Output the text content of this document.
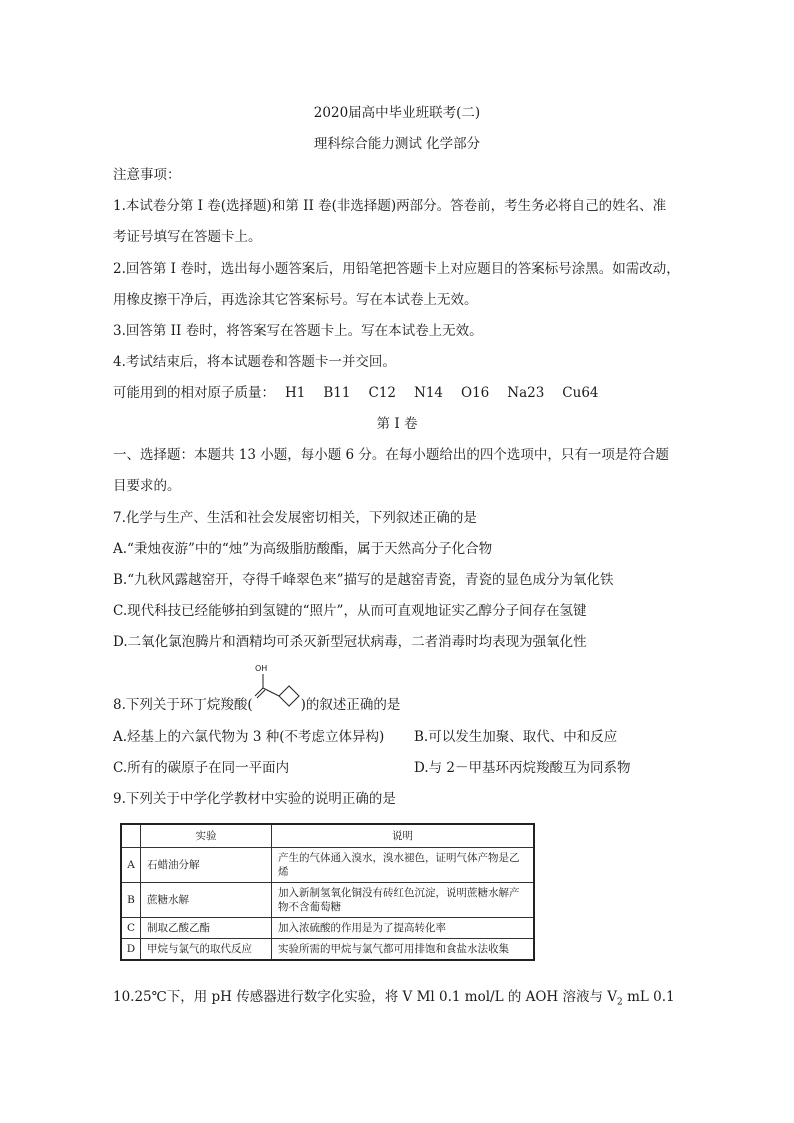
2020届高中毕业班联考(二)
理科综合能力测试 化学部分
注意事项：
1.本试卷分第 I 卷(选择题)和第 II 卷(非选择题)两部分。答卷前，考生务必将自己的姓名、准
考证号填写在答题卡上。
2.回答第 I 卷时，选出每小题答案后，用铅笔把答题卡上对应题目的答案标号涂黑。如需改动，
用橡皮擦干净后，再选涂其它答案标号。写在本试卷上无效。
3.回答第 II 卷时，将答案写在答题卡上。写在本试卷上无效。
4.考试结束后，将本试题卷和答题卡一并交回。
可能用到的相对原子质量： H1 B11 C12 N14 O16 Na23 Cu64
第 I 卷
一、选择题：本题共 13 小题，每小题 6 分。在每小题给出的四个选项中，只有一项是符合题
目要求的。
7.化学与生产、生活和社会发展密切相关，下列叙述正确的是
A.“秉烛夜游”中的“烛”为高级脂肪酸酯，属于天然高分子化合物
B.“九秋风露越窑开，夺得千峰翠色来”描写的是越窑青瓷，青瓷的显色成分为氧化铁
C.现代科技已经能够拍到氢键的“照片”，从而可直观地证实乙醇分子间存在氢键
D.二氧化氯泡腾片和酒精均可杀灭新型冠状病毒，二者消毒时均表现为强氧化性
8.下列关于环丁烷羧酸(	)的叙述正确的是
OH
A.烃基上的六氯代物为 3 种(不考虑立体异构) B.可以发生加聚、取代、中和反应
C.所有的碳原子在同一平面内	D.与 2－甲基环丙烷羧酸互为同系物
9.下列关于中学化学教材中实验的说明正确的是
	实验	说明
A	石蜡油分解	产生的气体通入溴水，溴水褪色，证明气体产物是乙烯
B	蔗糖水解	加入新制氢氧化铜没有砖红色沉淀，说明蔗糖水解产物不含葡萄糖
C	制取乙酸乙酯	加入浓硫酸的作用是为了提高转化率
D	甲烷与氯气的取代反应	实验所需的甲烷与氯气都可用排饱和食盐水法收集
10.25℃下，用 pH 传感器进行数字化实验，将 V Ml 0.1 mol/L 的 AOH 溶液与 $V_2$ mL 0.1
